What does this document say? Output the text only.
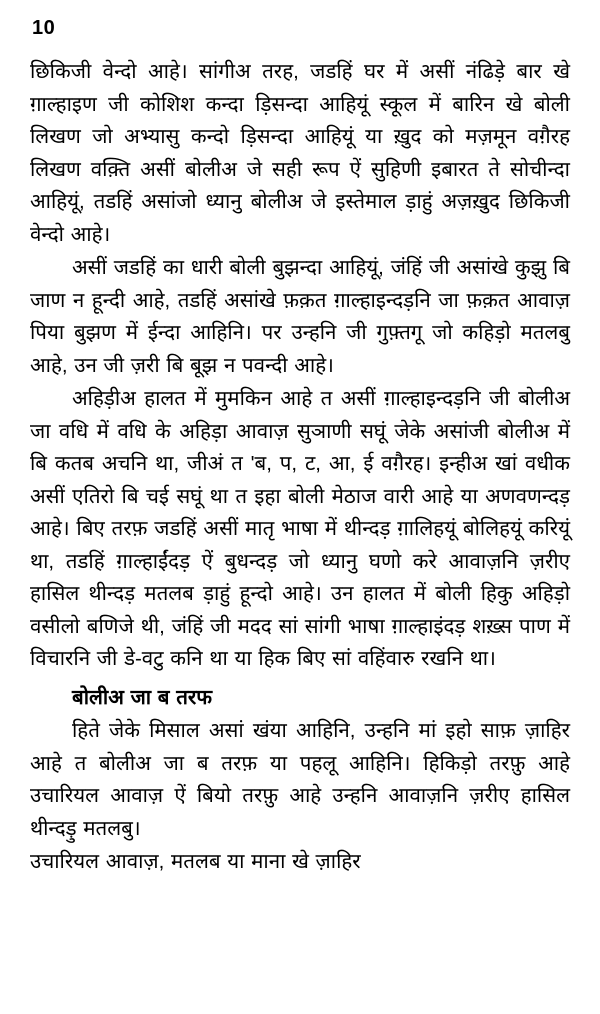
10

छिकिजी वेन्दो आहे। सांगीअ तरह, जडहिं घर में असीं नंढिड़े बार खे ग़ाल्हाइण जी कोशिश कन्दा ड़िसन्दा आहियूं स्कूल में बारिन खे बोली लिखण जो अभ्यासु कन्दो ड़िसन्दा आहियूं या ख़ुद को मज़मून वग़ैरह लिखण वक़्ति असीं बोलीअ जे सही रूप ऐं सुहिणी इबारत ते सोचीन्दा आहियूं, तडहिं असांजो ध्यानु बोलीअ जे इस्तेमाल ड़ाहुं अज़ख़ुद छिकिजी वेन्दो आहे।

असीं जडहिं का धारी बोली बुझन्दा आहियूं, जंहिं जी असांखे कुझु बि जाण न हून्दी आहे, तडहिं असांखे फ़क़त ग़ाल्हाइन्दड़नि जा फ़क़त आवाज़ पिया बुझण में ईन्दा आहिनि। पर उन्हनि जी गुफ़्तगू जो कहिड़ो मतलबु आहे, उन जी ज़री बि बूझ न पवन्दी आहे।

अहिड़ीअ हालत में मुमकिन आहे त असीं ग़ाल्हाइन्दड़नि जी बोलीअ जा वधि में वधि के अहिड़ा आवाज़ सुञाणी सघूं जेके असांजी बोलीअ में बि कतब अचनि था, जीअं त 'ब, प, ट, आ, ई वग़ैरह। इन्हीअ खां वधीक असीं एतिरो बि चई सघूं था त इहा बोली मेठाज वारी आहे या अणवणन्दड़ आहे। बिए तरफ़ जडहिं असीं मातृ भाषा में थीन्दड़ ग़ालिहयूं बोलिहयूं करियूं था, तडहिं ग़ाल्हाईंदड़ ऐं बुधन्दड़ जो ध्यानु घणो करे आवाज़नि ज़रीए हासिल थीन्दड़ मतलब ड़ाहुं हून्दो आहे। उन हालत में बोली हिकु अहिड़ो वसीलो बणिजे थी, जंहिं जी मदद सां सांगी भाषा ग़ाल्हाइंदड़ शख़्स पाण में विचारनि जी डे-वटु कनि था या हिक बिए सां वहिंवारु रखनि था।

बोलीअ जा ब तरफ

हिते जेके मिसाल असां खंया आहिनि, उन्हनि मां इहो साफ़ ज़ाहिर आहे त बोलीअ जा ब तरफ़ या पहलू आहिनि। हिकिड़ो तरफ़ु आहे उचारियल आवाज़ ऐं बियो तरफ़ु आहे उन्हनि आवाज़नि ज़रीए हासिल थीन्दड़ु मतलबु।

उचारियल आवाज़, मतलब या माना खे ज़ाहिर
